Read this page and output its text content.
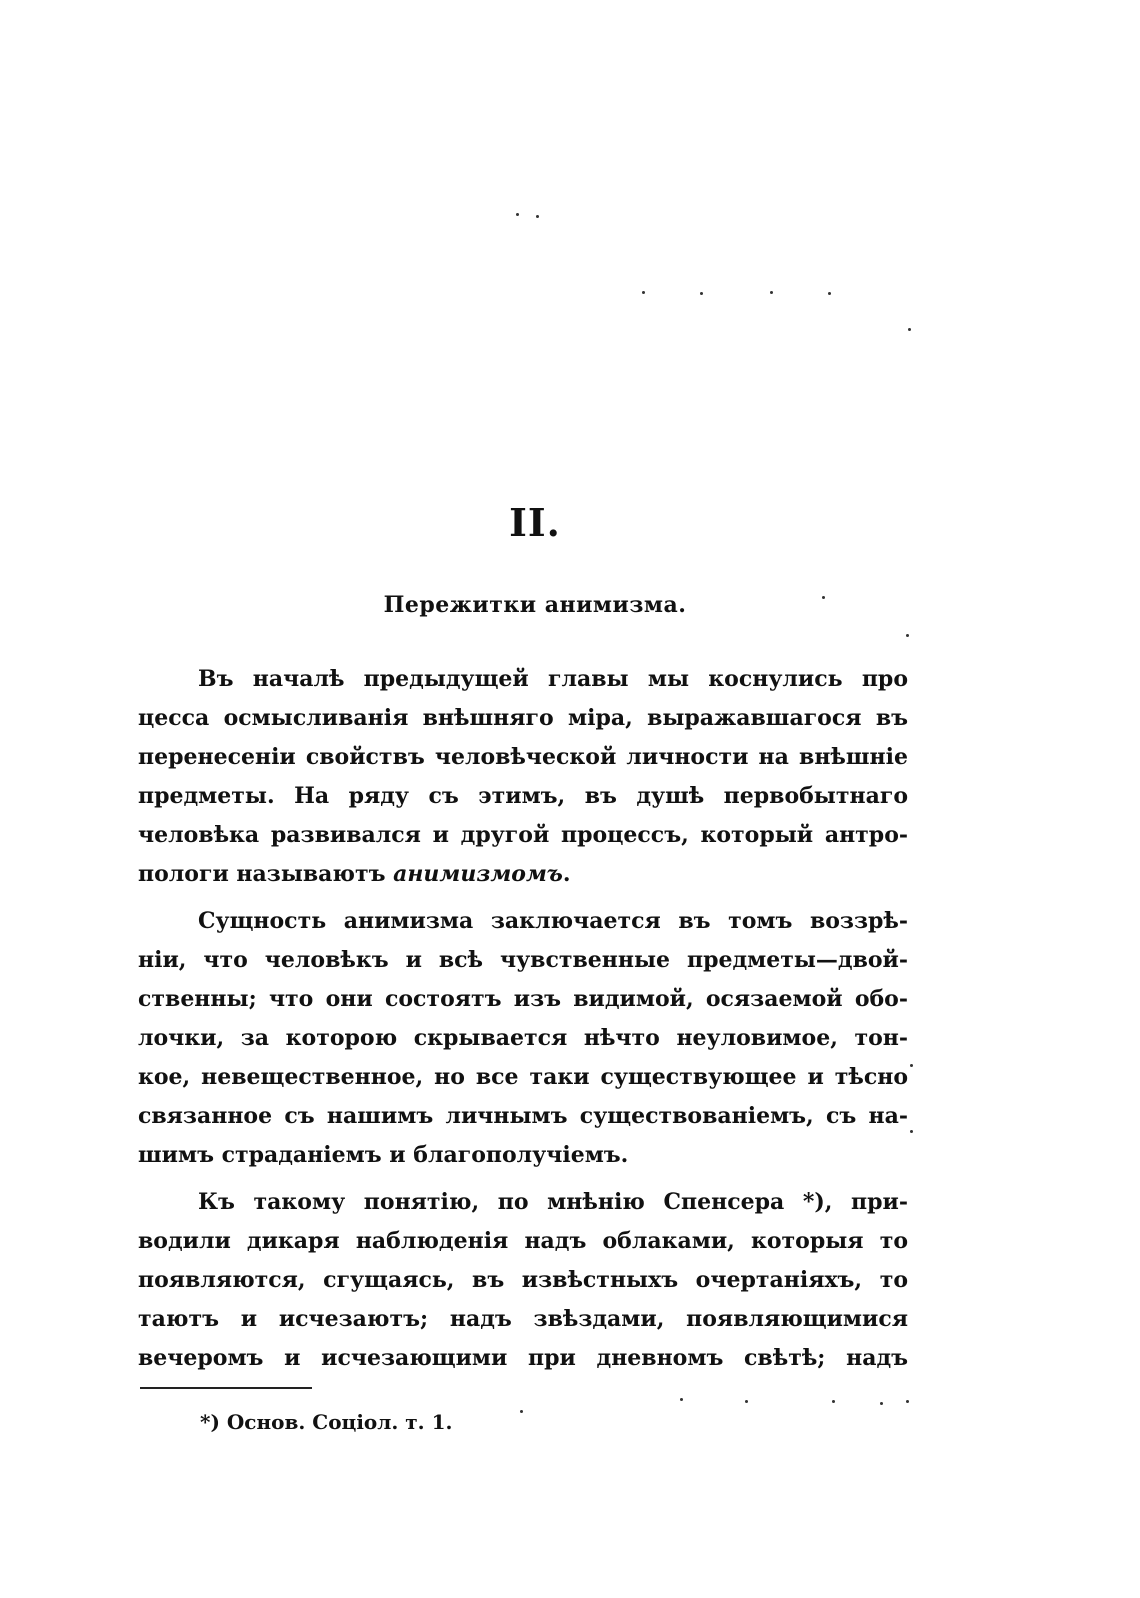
II.
Пережитки анимизма.
Въ началѣ предыдущей главы мы коснулись про
цесса осмысливанія внѣшняго міра, выражавшагося въ
перенесеніи свойствъ человѣческой личности на внѣшніе
предметы. На ряду съ этимъ, въ душѣ первобытнаго
человѣка развивался и другой процессъ, который антро-
пологи называютъ анимизмомъ.
Сущность анимизма заключается въ томъ воззрѣ-
ніи, что человѣкъ и всѣ чувственные предметы—двой-
ственны; что они состоятъ изъ видимой, осязаемой обо-
лочки, за которою скрывается нѣчто неуловимое, тон-
кое, невещественное, но все таки существующее и тѣсно
связанное съ нашимъ личнымъ существованіемъ, съ на-
шимъ страданіемъ и благополучіемъ.
Къ такому понятію, по мнѣнію Спенсера *), при-
водили дикаря наблюденія надъ облаками, которыя то
появляются, сгущаясь, въ извѣстныхъ очертаніяхъ, то
таютъ и исчезаютъ; надъ звѣздами, появляющимися
вечеромъ и исчезающими при дневномъ свѣтѣ; надъ
*) Основ. Соціол. т. 1.
